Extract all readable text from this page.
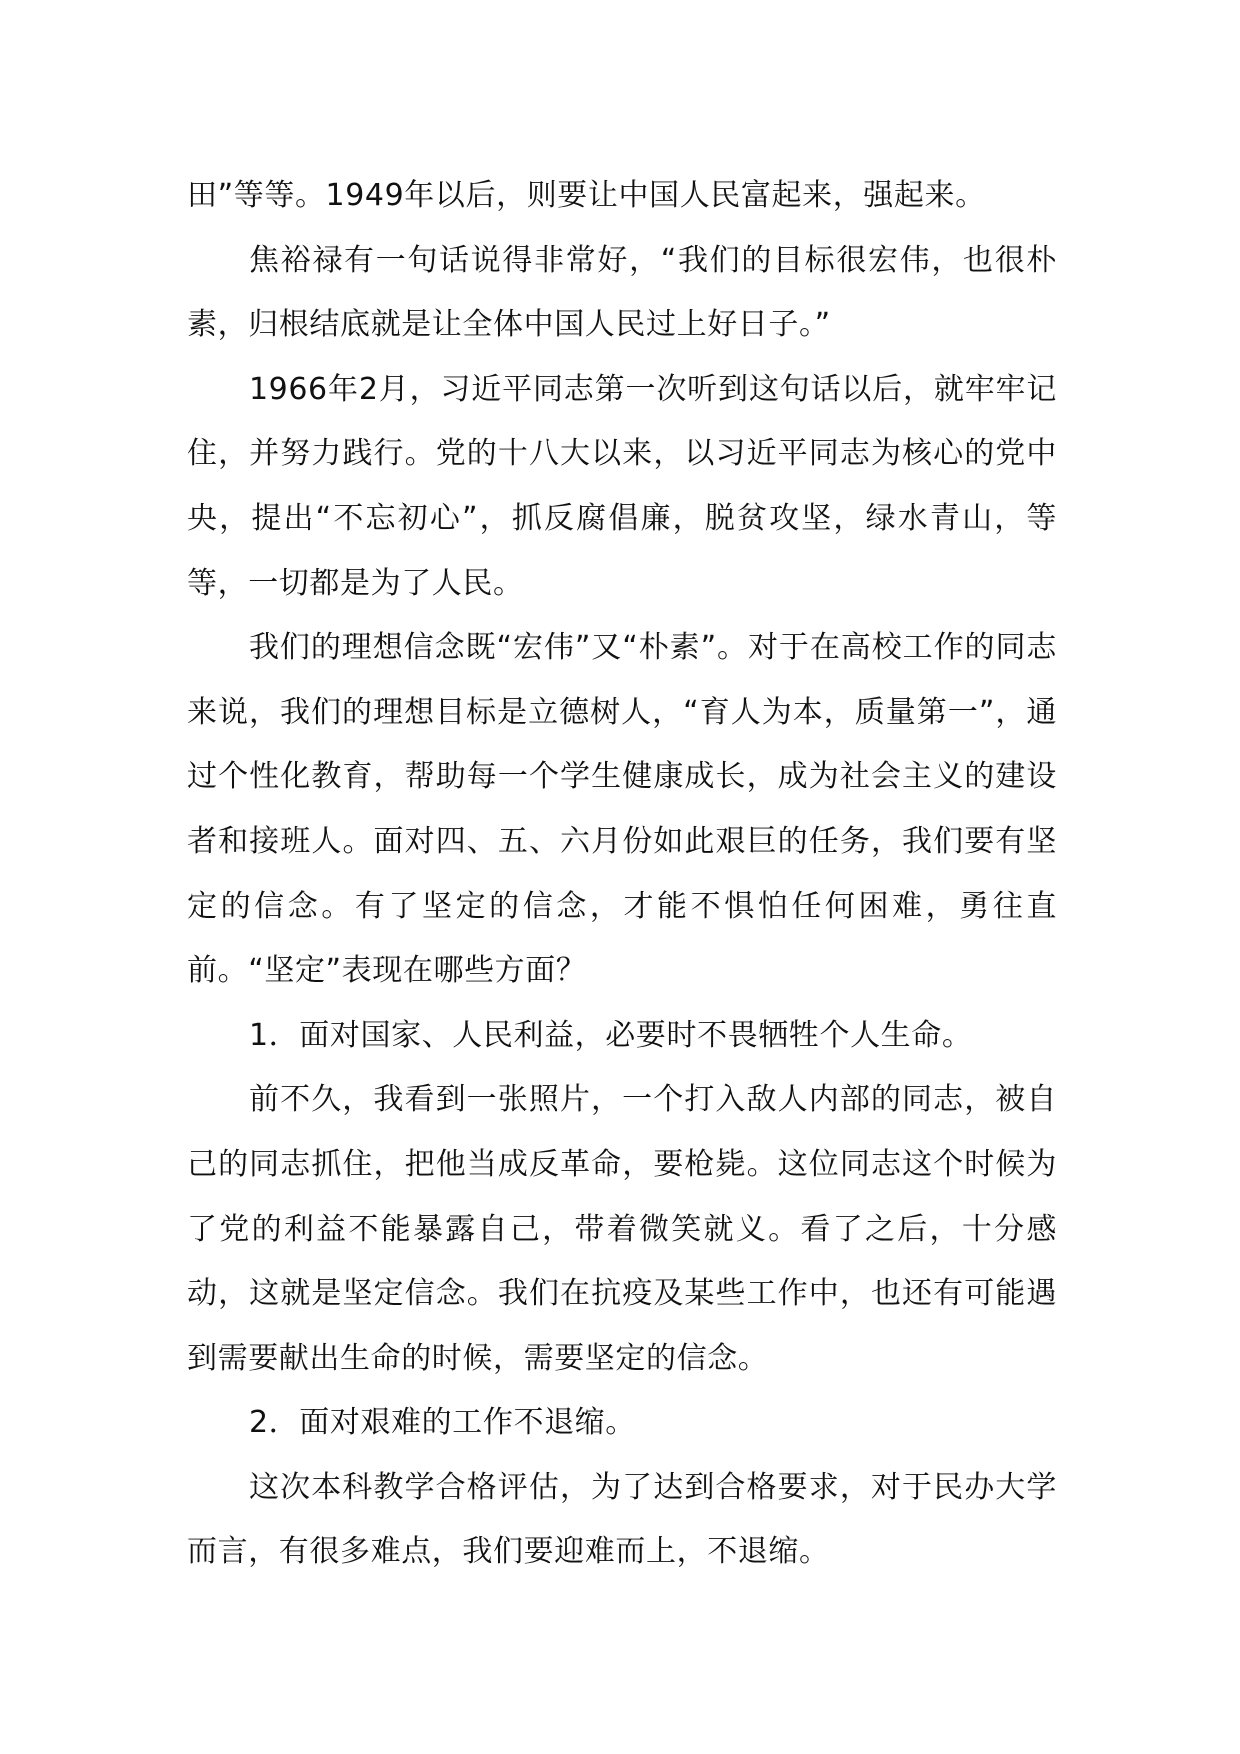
田”等等。1949年以后，则要让中国人民富起来，强起来。

焦裕禄有一句话说得非常好，“我们的目标很宏伟，也很朴素，归根结底就是让全体中国人民过上好日子。”

1966年2月，习近平同志第一次听到这句话以后，就牢牢记住，并努力践行。党的十八大以来，以习近平同志为核心的党中央，提出“不忘初心”，抓反腐倡廉，脱贫攻坚，绿水青山，等等，一切都是为了人民。

我们的理想信念既“宏伟”又“朴素”。对于在高校工作的同志来说，我们的理想目标是立德树人，“育人为本，质量第一”，通过个性化教育，帮助每一个学生健康成长，成为社会主义的建设者和接班人。面对四、五、六月份如此艰巨的任务，我们要有坚定的信念。有了坚定的信念，才能不惧怕任何困难，勇往直前。“坚定”表现在哪些方面？

1．面对国家、人民利益，必要时不畏牺牲个人生命。

前不久，我看到一张照片，一个打入敌人内部的同志，被自己的同志抓住，把他当成反革命，要枪毙。这位同志这个时候为了党的利益不能暴露自己，带着微笑就义。看了之后，十分感动，这就是坚定信念。我们在抗疫及某些工作中，也还有可能遇到需要献出生命的时候，需要坚定的信念。

2．面对艰难的工作不退缩。

这次本科教学合格评估，为了达到合格要求，对于民办大学而言，有很多难点，我们要迎难而上，不退缩。
